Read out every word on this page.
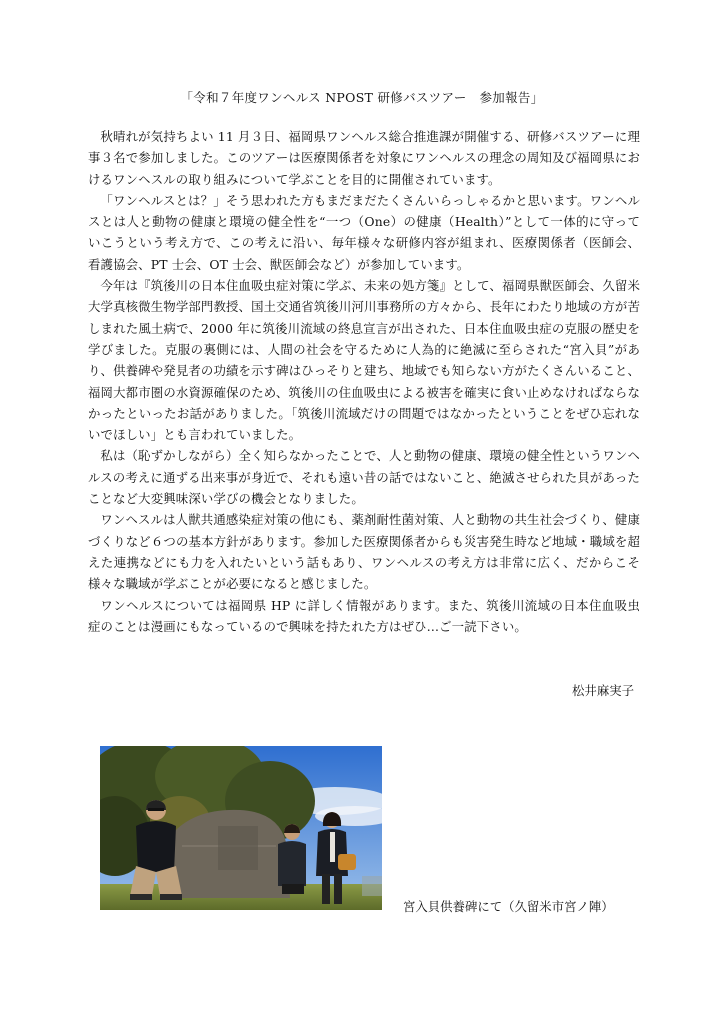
「令和７年度ワンヘルス NPOST 研修バスツアー　参加報告」

秋晴れが気持ちよい 11 月３日、福岡県ワンヘルス総合推進課が開催する、研修バスツアーに理事３名で参加しました。このツアーは医療関係者を対象にワンヘルスの理念の周知及び福岡県におけるワンヘスルの取り組みについて学ぶことを目的に開催されています。

「ワンヘルスとは？」そう思われた方もまだまだたくさんいらっしゃるかと思います。ワンヘルスとは人と動物の健康と環境の健全性を“一つ（One）の健康（Health）”として一体的に守っていこうという考え方で、この考えに沿い、毎年様々な研修内容が組まれ、医療関係者（医師会、看護協会、PT 士会、OT 士会、獣医師会など）が参加しています。

今年は『筑後川の日本住血吸虫症対策に学ぶ、未来の処方箋』として、福岡県獣医師会、久留米大学真核微生物学部門教授、国土交通省筑後川河川事務所の方々から、長年にわたり地域の方が苦しまれた風土病で、2000 年に筑後川流域の終息宣言が出された、日本住血吸虫症の克服の歴史を学びました。克服の裏側には、人間の社会を守るために人為的に絶滅に至らされた“宮入貝”があり、供養碑や発見者の功績を示す碑はひっそりと建ち、地域でも知らない方がたくさんいること、福岡大都市圏の水資源確保のため、筑後川の住血吸虫による被害を確実に食い止めなければならなかったといったお話がありました。「筑後川流域だけの問題ではなかったということをぜひ忘れないでほしい」とも言われていました。

私は（恥ずかしながら）全く知らなかったことで、人と動物の健康、環境の健全性というワンヘルスの考えに通ずる出来事が身近で、それも遠い昔の話ではないこと、絶滅させられた貝があったことなど大変興味深い学びの機会となりました。

ワンヘスルは人獣共通感染症対策の他にも、薬剤耐性菌対策、人と動物の共生社会づくり、健康づくりなど６つの基本方針があります。参加した医療関係者からも災害発生時など地域・職域を超えた連携などにも力を入れたいという話もあり、ワンヘルスの考え方は非常に広く、だからこそ様々な職域が学ぶことが必要になると感じました。

ワンヘルスについては福岡県 HP に詳しく情報があります。また、筑後川流域の日本住血吸虫症のことは漫画にもなっているので興味を持たれた方はぜひ…ご一読下さい。

松井麻実子
宮入貝供養碑にて（久留米市宮ノ陣）
